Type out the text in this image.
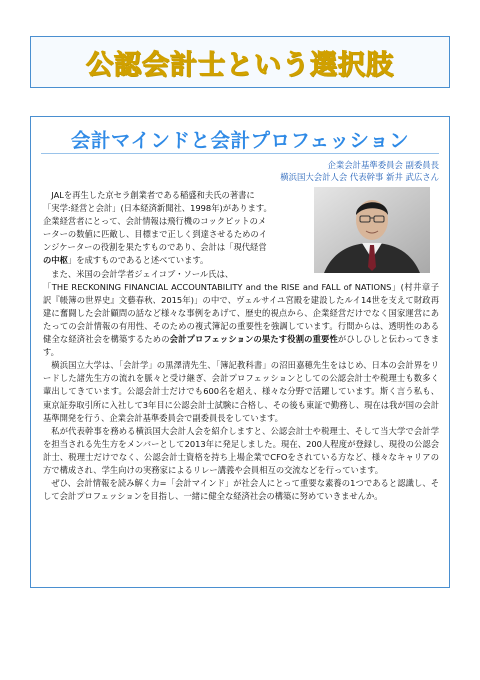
公認会計士という選択肢
会計マインドと会計プロフェッション
企業会計基準委員会 副委員長
横浜国大会計人会 代表幹事 新井 武広さん

JALを再生した京セラ創業者である稲盛和夫氏の著書に
「実学:経営と会計」(日本経済新聞社、1998年)があります。
企業経営者にとって、会計情報は飛行機のコックピットのメ
ーターの数値に匹敵し、目標まで正しく到達させるためのイ
ンジケーターの役割を果たすものであり、会計は「現代経営
の中枢」を成すものであると述べています。

また、米国の会計学者ジェイコブ・ソール氏は、
「THE RECKONING FINANCIAL ACCOUNTABILITY and the RISE and FALL of NATIONS」(村井章子訳『帳簿の世界史』文藝春秋、2015年)」の中で、ヴェルサイユ宮殿を建設したルイ14世を支えて財政再建に奮闘した会計顧問の話など様々な事例をあげて、歴史的視点から、企業経営だけでなく国家運営にあたっての会計情報の有用性、そのための複式簿記の重要性を強調しています。行間からは、透明性のある健全な経済社会を構築するための会計プロフェッションの果たす役割の重要性がひしひしと伝わってきます。

横浜国立大学は、「会計学」の黒澤清先生、「簿記教科書」の沼田嘉穂先生をはじめ、日本の会計界をリードした諸先生方の流れを脈々と受け継ぎ、会計プロフェッションとしての公認会計士や税理士も数多く輩出してきています。公認会計士だけでも600名を超え、様々な分野で活躍しています。斯く言う私も、東京証券取引所に入社して3年目に公認会計士試験に合格し、その後も東証で勤務し、現在は我が国の会計基準開発を行う、企業会計基準委員会で副委員長をしています。

私が代表幹事を務める横浜国大会計人会を紹介しますと、公認会計士や税理士、そして当大学で会計学を担当される先生方をメンバーとして2013年に発足しました。現在、200人程度が登録し、現役の公認会計士、税理士だけでなく、公認会計士資格を持ち上場企業でCFOをされている方など、様々なキャリアの方で構成され、学生向けの実務家によるリレー講義や会員相互の交流などを行っています。

ぜひ、会計情報を読み解く力=「会計マインド」が社会人にとって重要な素養の1つであると認識し、そして会計プロフェッションを目指し、一緒に健全な経済社会の構築に努めていきませんか。
